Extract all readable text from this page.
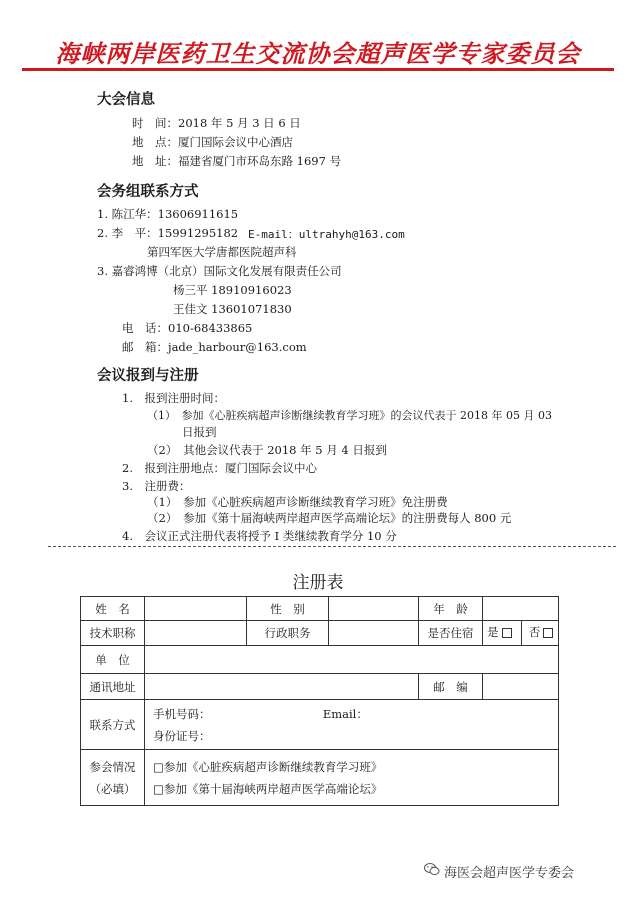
海峡两岸医药卫生交流协会超声医学专家委员会
大会信息
时　间：2018 年 5 月 3 日 6 日
地　点：厦门国际会议中心酒店
地　址：福建省厦门市环岛东路 1697 号
会务组联系方式
1. 陈江华：13606911615
2. 李　平：15991295182 E-mail：ultrahyh@163.com
第四军医大学唐都医院超声科
3. 嘉睿鸿博（北京）国际文化发展有限责任公司
杨三平 18910916023
王佳文 13601071830
电　话：010-68433865
邮　箱：jade_harbour@163.com
会议报到与注册
1.　报到注册时间：
（1）　参加《心脏疾病超声诊断继续教育学习班》的会议代表于 2018 年 05 月 03
日报到
（2）　其他会议代表于 2018 年 5 月 4 日报到
2.　报到注册地点：厦门国际会议中心
3.　注册费：
（1）　参加《心脏疾病超声诊断继续教育学习班》免注册费
（2）　参加《第十届海峡两岸超声医学高端论坛》的注册费每人 800 元
4.　会议正式注册代表将授予 I 类继续教育学分 10 分
注册表
姓　名		性　别		年　龄	
技术职称		行政职务		是否住宿	是 否
单　位					
通讯地址				邮　编	
联系方式	手机号码： Email：
身份证号：				
参会情况
（必填）	□参加《心脏疾病超声诊断继续教育学习班》
□参加《第十届海峡两岸超声医学高端论坛》				
海医会超声医学专委会
